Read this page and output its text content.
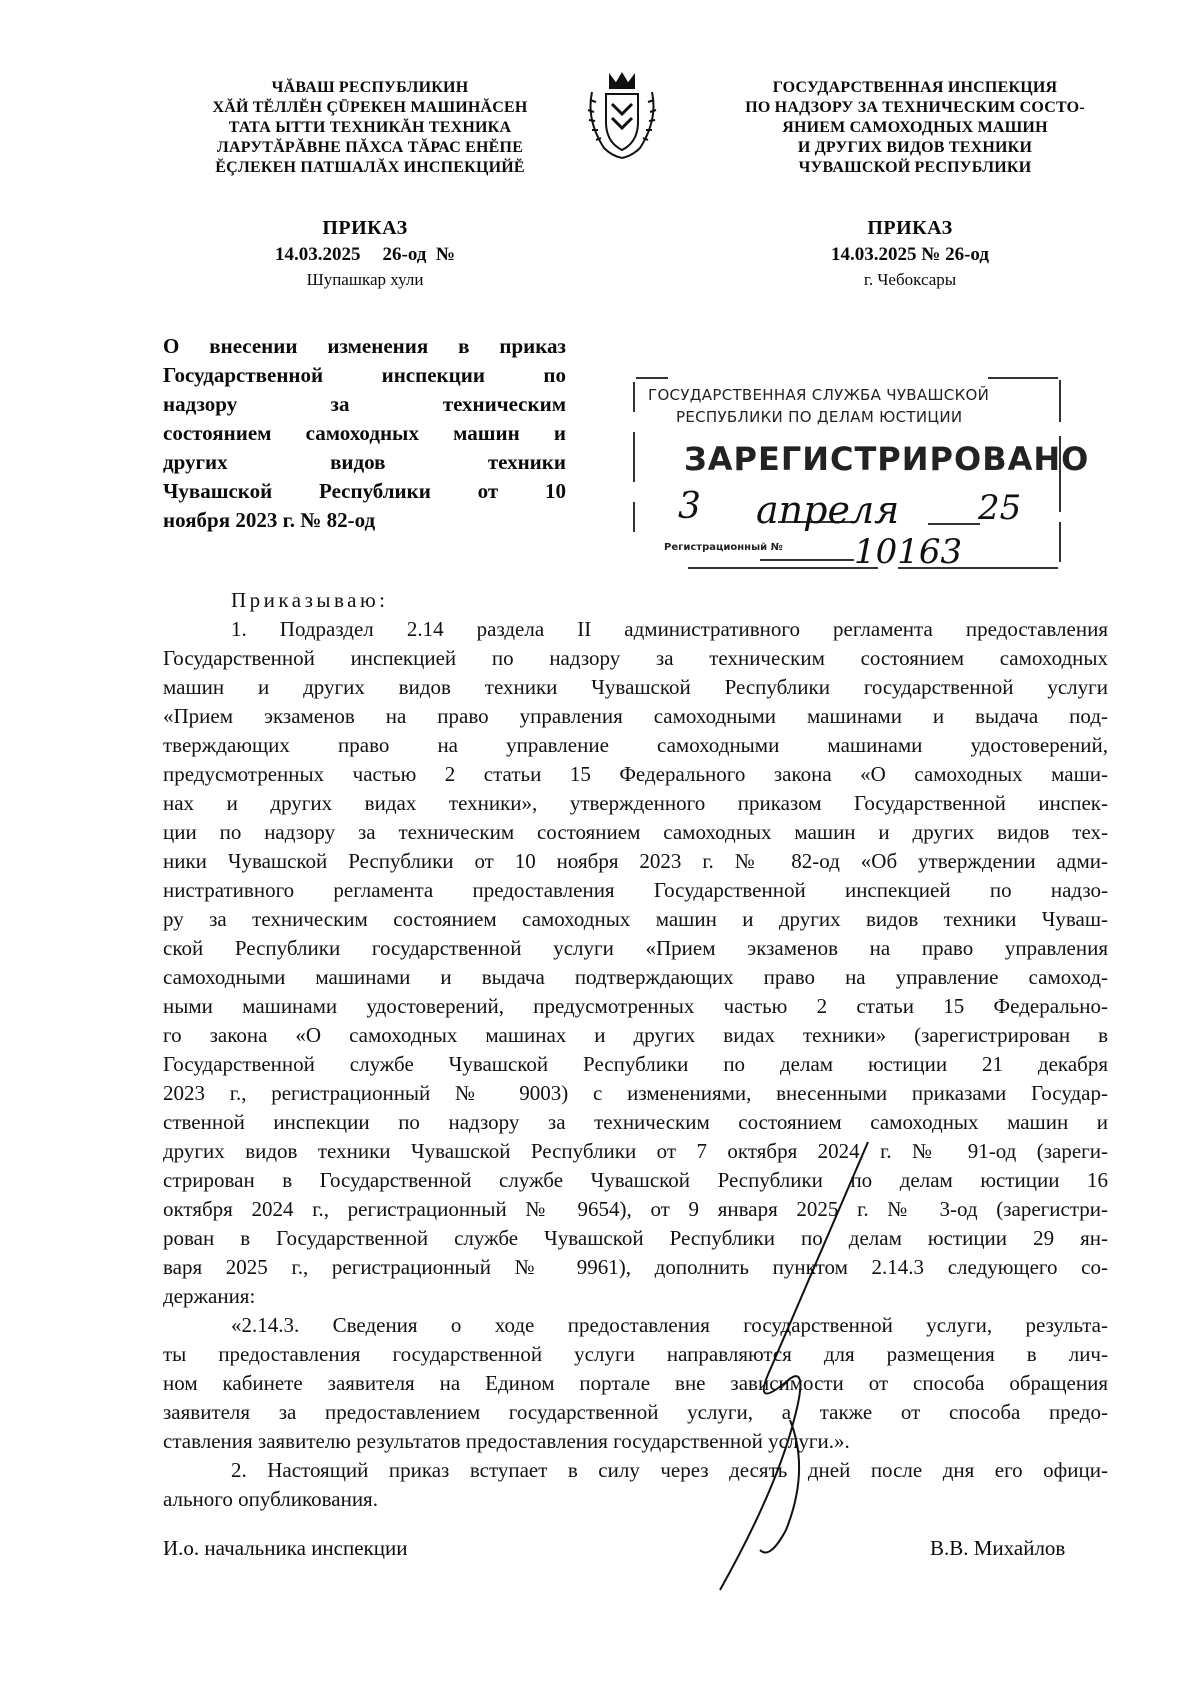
ЧĂВАШ РЕСПУБЛИКИН
ХĂЙ ТĔЛЛĔН ÇŪРЕКЕН МАШИНĂСЕН
ТАТА ЫТТИ ТЕХНИКĂН ТЕХНИКА
ЛАРУТĂРĂВНЕ ПĂХСА ТĂРАС ЕНĔПЕ
ĔÇЛЕКЕН ПАТШАЛĂХ ИНСПЕКЦИЙĔ
ГОСУДАРСТВЕННАЯ ИНСПЕКЦИЯ
ПО НАДЗОРУ ЗА ТЕХНИЧЕСКИМ СОСТО-
ЯНИЕМ САМОХОДНЫХ МАШИН
И ДРУГИХ ВИДОВ ТЕХНИКИ
ЧУВАШСКОЙ РЕСПУБЛИКИ
ПРИКАЗ
14.03.2025 26-од №
Шупашкар хули
ПРИКАЗ
14.03.2025 № 26-од
г. Чебоксары
О внесении изменения в приказ
Государственной инспекции по
надзору за техническим
состоянием самоходных машин и
других видов техники
Чувашской Республики от 10
ноября 2023 г. № 82-од
ГОСУДАРСТВЕННАЯ СЛУЖБА ЧУВАШСКОЙ
РЕСПУБЛИКИ ПО ДЕЛАМ ЮСТИЦИИ
ЗАРЕГИСТРИРОВАНО
3 апреля 25
Регистрационный № 10163
Приказываю:
1. Подраздел 2.14 раздела II административного регламента предоставления
Государственной инспекцией по надзору за техническим состоянием самоходных
машин и других видов техники Чувашской Республики государственной услуги
«Прием экзаменов на право управления самоходными машинами и выдача под-
тверждающих право на управление самоходными машинами удостоверений,
предусмотренных частью 2 статьи 15 Федерального закона «О самоходных маши-
нах и других видах техники», утвержденного приказом Государственной инспек-
ции по надзору за техническим состоянием самоходных машин и других видов тех-
ники Чувашской Республики от 10 ноября 2023 г. № 82-од «Об утверждении адми-
нистративного регламента предоставления Государственной инспекцией по надзо-
ру за техническим состоянием самоходных машин и других видов техники Чуваш-
ской Республики государственной услуги «Прием экзаменов на право управления
самоходными машинами и выдача подтверждающих право на управление самоход-
ными машинами удостоверений, предусмотренных частью 2 статьи 15 Федерально-
го закона «О самоходных машинах и других видах техники» (зарегистрирован в
Государственной службе Чувашской Республики по делам юстиции 21 декабря
2023 г., регистрационный № 9003) с изменениями, внесенными приказами Государ-
ственной инспекции по надзору за техническим состоянием самоходных машин и
других видов техники Чувашской Республики от 7 октября 2024 г. № 91-од (зареги-
стрирован в Государственной службе Чувашской Республики по делам юстиции 16
октября 2024 г., регистрационный № 9654), от 9 января 2025 г. № 3-од (зарегистри-
рован в Государственной службе Чувашской Республики по делам юстиции 29 ян-
варя 2025 г., регистрационный № 9961), дополнить пунктом 2.14.3 следующего со-
держания:
«2.14.3. Сведения о ходе предоставления государственной услуги, результа-
ты предоставления государственной услуги направляются для размещения в лич-
ном кабинете заявителя на Едином портале вне зависимости от способа обращения
заявителя за предоставлением государственной услуги, а также от способа предо-
ставления заявителю результатов предоставления государственной услуги.».
2. Настоящий приказ вступает в силу через десять дней после дня его офици-
ального опубликования.
И.о. начальника инспекции	В.В. Михайлов
